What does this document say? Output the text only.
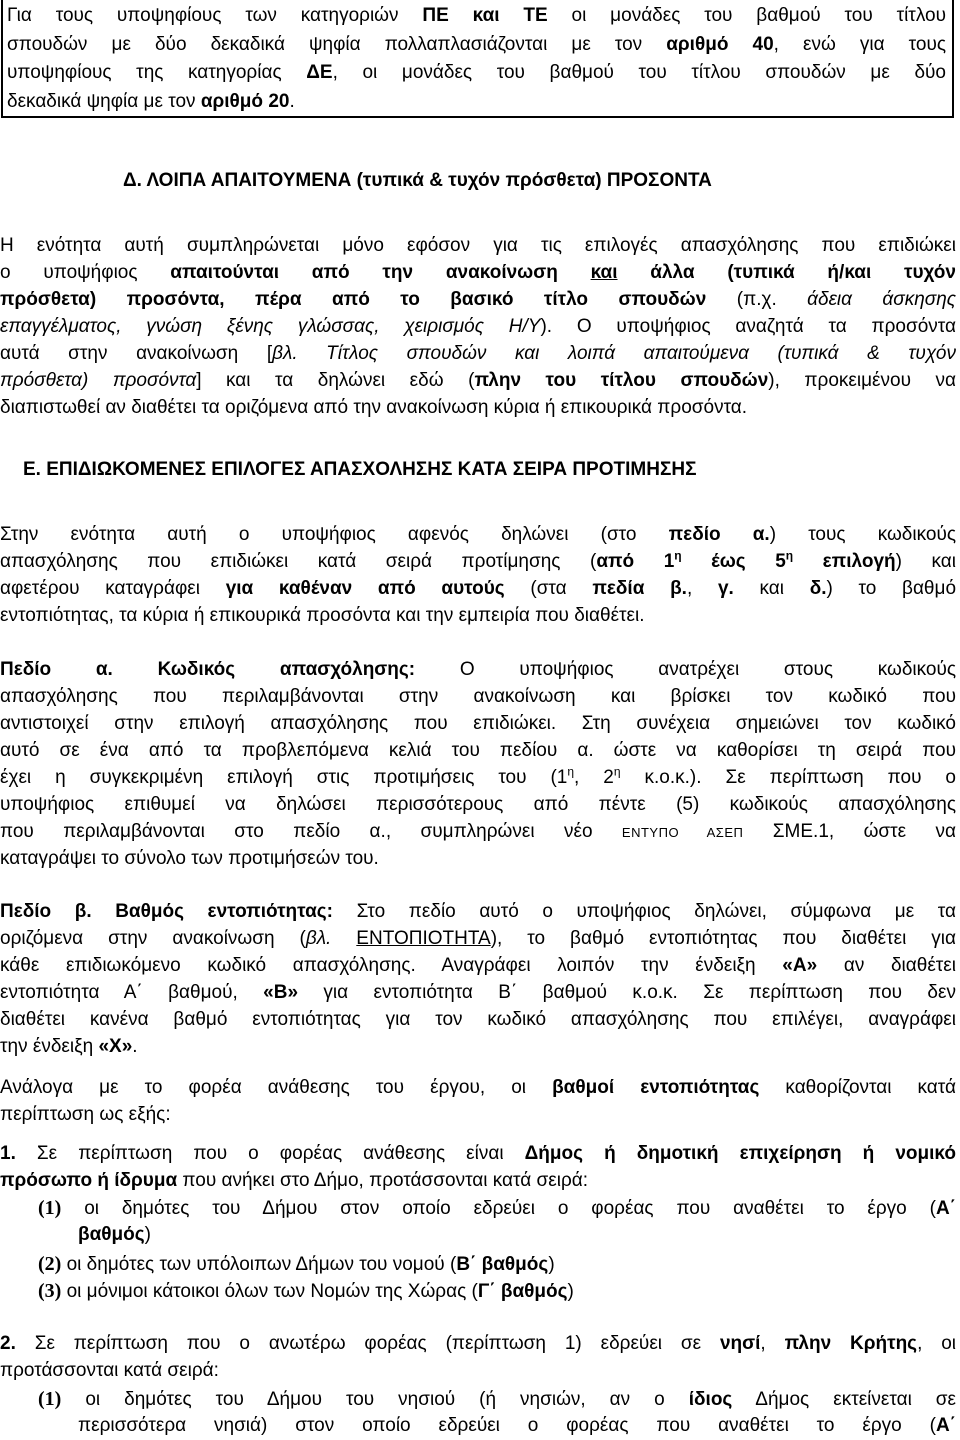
Για τους υποψηφίους των κατηγοριών ΠΕ και ΤΕ οι μονάδες του βαθμού του τίτλου
σπουδών με δύο δεκαδικά ψηφία πολλαπλασιάζονται με τον αριθμό 40, ενώ για τους
υποψηφίους της κατηγορίας ΔΕ, οι μονάδες του βαθμού του τίτλου σπουδών με δύο
δεκαδικά ψηφία με τον αριθμό 20.
Δ. ΛΟΙΠΑ ΑΠΑΙΤΟΥΜΕΝΑ (τυπικά & τυχόν πρόσθετα) ΠΡΟΣΟΝΤΑ
Η ενότητα αυτή συμπληρώνεται μόνο εφόσον για τις επιλογές απασχόλησης που επιδιώκει
ο υποψήφιος απαιτούνται από την ανακοίνωση και άλλα (τυπικά ή/και τυχόν
πρόσθετα) προσόντα, πέρα από το βασικό τίτλο σπουδών (π.χ. άδεια άσκησης
επαγγέλματος, γνώση ξένης γλώσσας, χειρισμός Η/Υ). Ο υποψήφιος αναζητά τα προσόντα
αυτά στην ανακοίνωση [βλ. Τίτλος σπουδών και λοιπά απαιτούμενα (τυπικά & τυχόν
πρόσθετα) προσόντα] και τα δηλώνει εδώ (πλην του τίτλου σπουδών), προκειμένου να
διαπιστωθεί αν διαθέτει τα οριζόμενα από την ανακοίνωση κύρια ή επικουρικά προσόντα.
Ε. ΕΠΙΔΙΩΚΟΜΕΝΕΣ ΕΠΙΛΟΓΕΣ ΑΠΑΣΧΟΛΗΣΗΣ ΚΑΤΑ ΣΕΙΡΑ ΠΡΟΤΙΜΗΣΗΣ
Στην ενότητα αυτή ο υποψήφιος αφενός δηλώνει (στο πεδίο α.) τους κωδικούς
απασχόλησης που επιδιώκει κατά σειρά προτίμησης (από $1^\eta$ έως $5^\eta$ επιλογή) και
αφετέρου καταγράφει για καθέναν από αυτούς (στα πεδία β., γ. και δ.) το βαθμό
εντοπιότητας, τα κύρια ή επικουρικά προσόντα και την εμπειρία που διαθέτει.
Πεδίο α. Κωδικός απασχόλησης: Ο υποψήφιος ανατρέχει στους κωδικούς
απασχόλησης που περιλαμβάνονται στην ανακοίνωση και βρίσκει τον κωδικό που
αντιστοιχεί στην επιλογή απασχόλησης που επιδιώκει. Στη συνέχεια σημειώνει τον κωδικό
αυτό σε ένα από τα προβλεπόμενα κελιά του πεδίου α. ώστε να καθορίσει τη σειρά που
έχει η συγκεκριμένη επιλογή στις προτιμήσεις του ($1^\eta$, $2^\eta$ κ.ο.κ.). Σε περίπτωση που ο
υποψήφιος επιθυμεί να δηλώσει περισσότερους από πέντε (5) κωδικούς απασχόλησης
που περιλαμβάνονται στο πεδίο α., συμπληρώνει νέο ΕΝΤΥΠΟ ΑΣΕΠ ΣΜΕ.1, ώστε να
καταγράψει το σύνολο των προτιμήσεών του.
Πεδίο β. Βαθμός εντοπιότητας: Στο πεδίο αυτό ο υποψήφιος δηλώνει, σύμφωνα με τα
οριζόμενα στην ανακοίνωση (βλ. ΕΝΤΟΠΙΟΤΗΤΑ), το βαθμό εντοπιότητας που διαθέτει για
κάθε επιδιωκόμενο κωδικό απασχόλησης. Αναγράφει λοιπόν την ένδειξη «Α» αν διαθέτει
εντοπιότητα Α΄ βαθμού, «Β» για εντοπιότητα Β΄ βαθμού κ.ο.κ. Σε περίπτωση που δεν
διαθέτει κανένα βαθμό εντοπιότητας για τον κωδικό απασχόλησης που επιλέγει, αναγράφει
την ένδειξη «Χ».
Ανάλογα με το φορέα ανάθεσης του έργου, οι βαθμοί εντοπιότητας καθορίζονται κατά
περίπτωση ως εξής:
1. Σε περίπτωση που ο φορέας ανάθεσης είναι Δήμος ή δημοτική επιχείρηση ή νομικό
πρόσωπο ή ίδρυμα που ανήκει στο Δήμο, προτάσσονται κατά σειρά:
(1) οι δημότες του Δήμου στον οποίο εδρεύει ο φορέας που αναθέτει το έργο (Α΄
βαθμός)
(2) οι δημότες των υπόλοιπων Δήμων του νομού (Β΄ βαθμός)
(3) οι μόνιμοι κάτοικοι όλων των Νομών της Χώρας (Γ΄ βαθμός)
2. Σε περίπτωση που ο ανωτέρω φορέας (περίπτωση 1) εδρεύει σε νησί, πλην Κρήτης, οι
προτάσσονται κατά σειρά:
(1) οι δημότες του Δήμου του νησιού (ή νησιών, αν ο ίδιος Δήμος εκτείνεται σε
περισσότερα νησιά) στον οποίο εδρεύει ο φορέας που αναθέτει το έργο (Α΄
